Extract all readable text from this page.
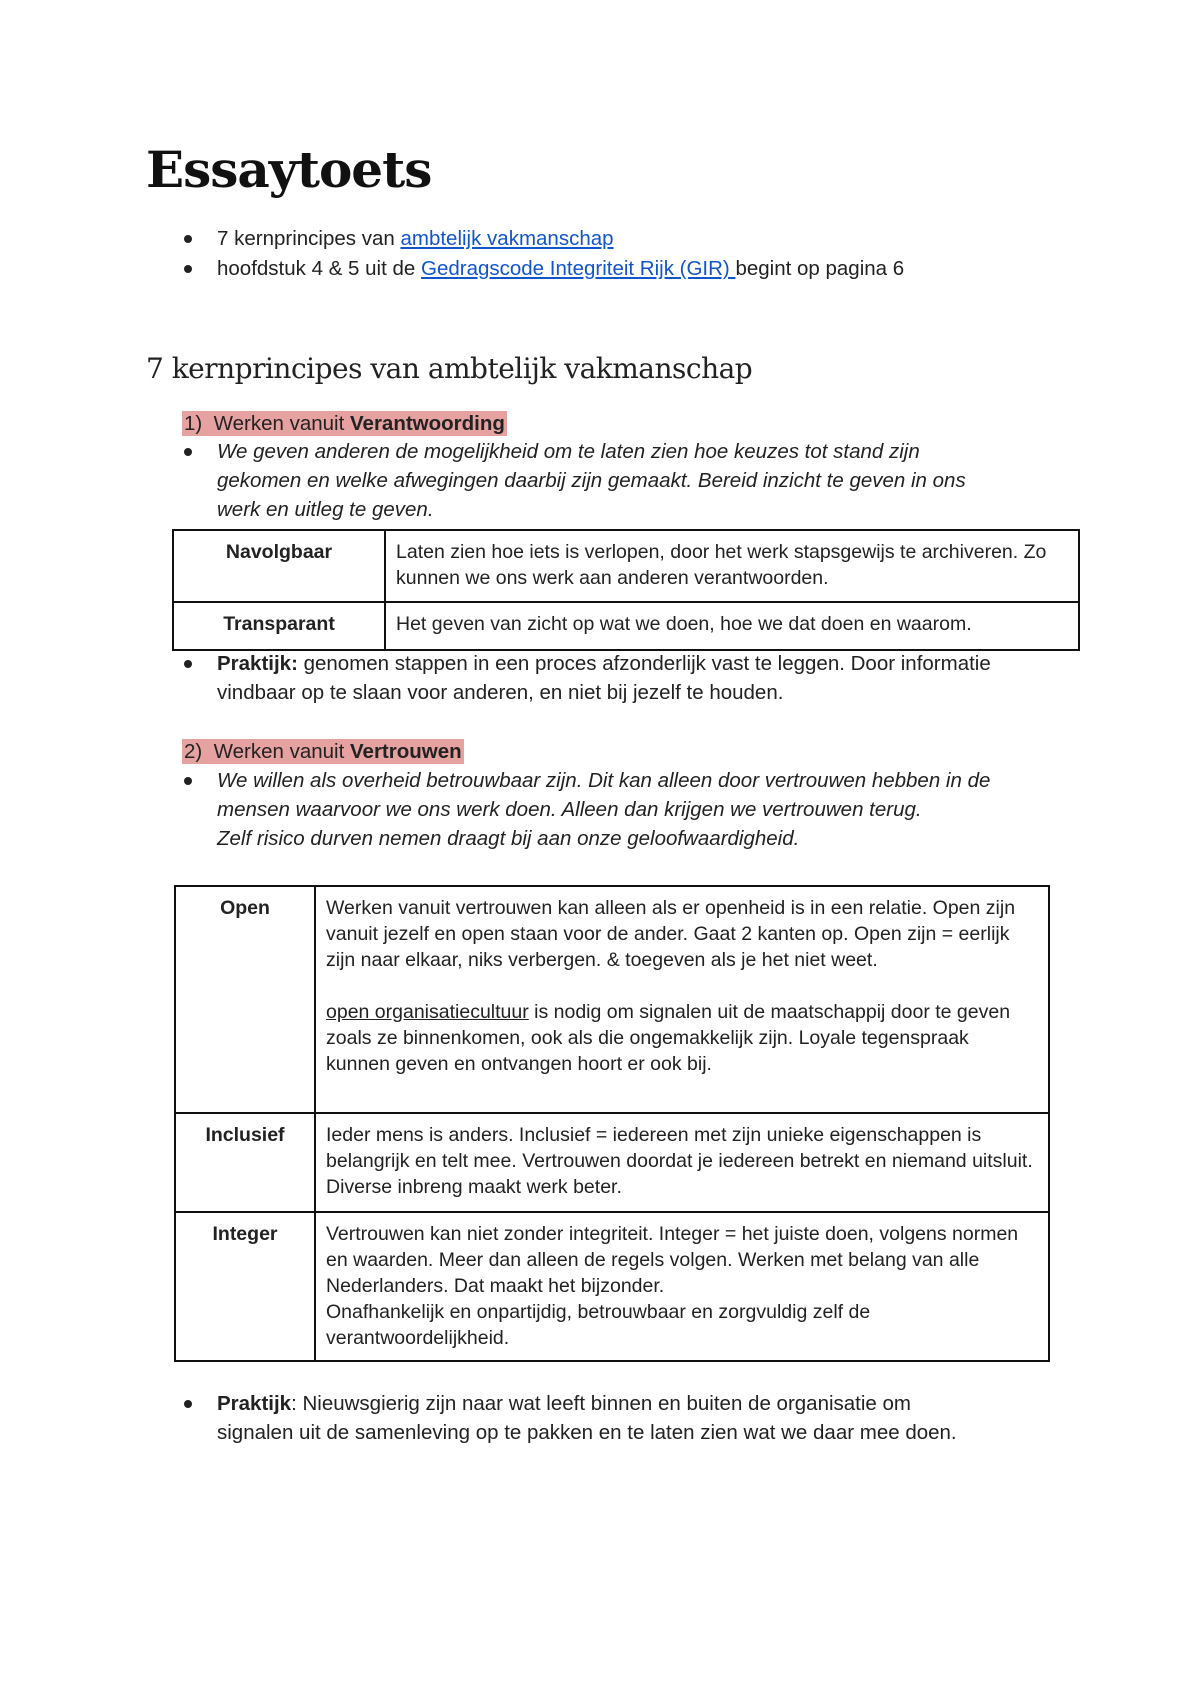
Essaytoets
7 kernprincipes van ambtelijk vakmanschap
hoofdstuk 4 & 5 uit de Gedragscode Integriteit Rijk (GIR) begint op pagina 6
7 kernprincipes van ambtelijk vakmanschap
1) Werken vanuit Verantwoording
We geven anderen de mogelijkheid om te laten zien hoe keuzes tot stand zijn
gekomen en welke afwegingen daarbij zijn gemaakt. Bereid inzicht te geven in ons
werk en uitleg te geven.
Navolgbaar	Laten zien hoe iets is verlopen, door het werk stapsgewijs te archiveren. Zo kunnen we ons werk aan anderen verantwoorden.
Transparant	Het geven van zicht op wat we doen, hoe we dat doen en waarom.
Praktijk: genomen stappen in een proces afzonderlijk vast te leggen. Door informatie
vindbaar op te slaan voor anderen, en niet bij jezelf te houden.
2) Werken vanuit Vertrouwen
We willen als overheid betrouwbaar zijn. Dit kan alleen door vertrouwen hebben in de
mensen waarvoor we ons werk doen. Alleen dan krijgen we vertrouwen terug.
Zelf risico durven nemen draagt bij aan onze geloofwaardigheid.
Open	Werken vanuit vertrouwen kan alleen als er openheid is in een relatie. Open zijn vanuit jezelf en open staan voor de ander. Gaat 2 kanten op. Open zijn = eerlijk zijn naar elkaar, niks verbergen. & toegeven als je het niet weet.
open organisatiecultuur is nodig om signalen uit de maatschappij door te geven zoals ze binnenkomen, ook als die ongemakkelijk zijn. Loyale tegenspraak kunnen geven en ontvangen hoort er ook bij.

Inclusief	Ieder mens is anders. Inclusief = iedereen met zijn unieke eigenschappen is belangrijk en telt mee. Vertrouwen doordat je iedereen betrekt en niemand uitsluit. Diverse inbreng maakt werk beter.
Integer	Vertrouwen kan niet zonder integriteit. Integer = het juiste doen, volgens normen en waarden. Meer dan alleen de regels volgen. Werken met belang van alle Nederlanders. Dat maakt het bijzonder.
Onafhankelijk en onpartijdig, betrouwbaar en zorgvuldig zelf de verantwoordelijkheid.
Praktijk: Nieuwsgierig zijn naar wat leeft binnen en buiten de organisatie om
signalen uit de samenleving op te pakken en te laten zien wat we daar mee doen.
